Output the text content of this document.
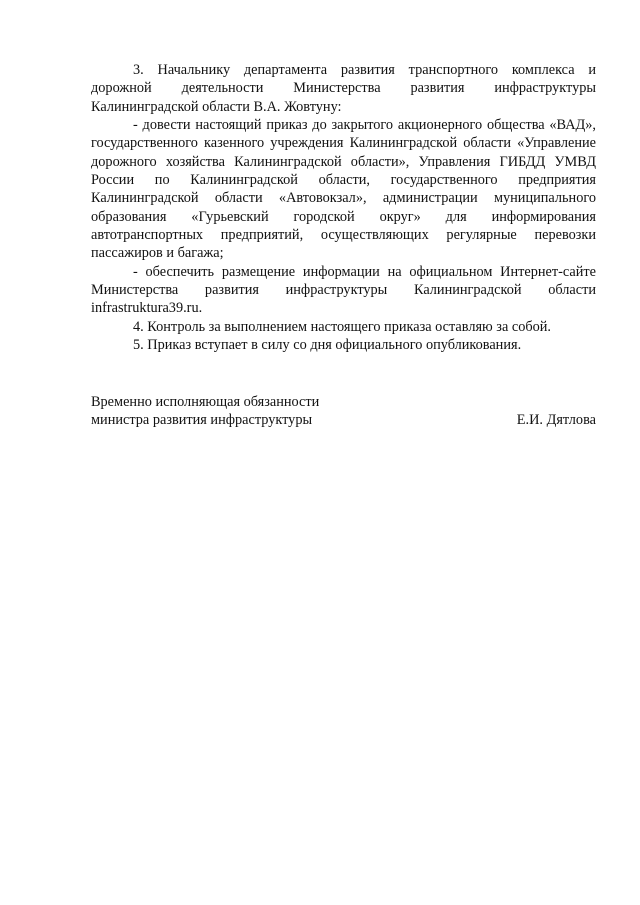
3. Начальнику департамента развития транспортного комплекса и дорожной деятельности Министерства развития инфраструктуры Калининградской области В.А. Жовтуну:

- довести настоящий приказ до закрытого акционерного общества «ВАД», государственного казенного учреждения Калининградской области «Управление дорожного хозяйства Калининградской области», Управления ГИБДД УМВД России по Калининградской области, государственного предприятия Калининградской области «Автовокзал», администрации муниципального образования «Гурьевский городской округ» для информирования автотранспортных предприятий, осуществляющих регулярные перевозки пассажиров и багажа;

- обеспечить размещение информации на официальном Интернет-сайте Министерства развития инфраструктуры Калининградской области infrastruktura39.ru.

4. Контроль за выполнением настоящего приказа оставляю за собой.

5. Приказ вступает в силу со дня официального опубликования.

Временно исполняющая обязанности
министра развития инфраструктуры	Е.И. Дятлова
